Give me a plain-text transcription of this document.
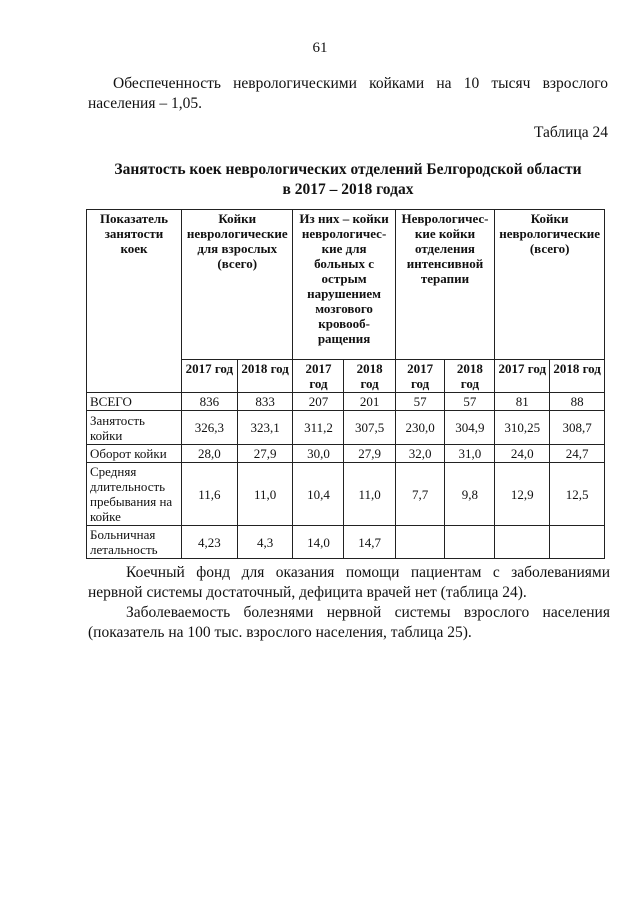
61
Обеспеченность неврологическими койками на 10 тысяч взрослого населения – 1,05.
Таблица 24
Занятость коек неврологических отделений Белгородской области
в 2017 – 2018 годах
Показатель занятости коек	Койки неврологические для взрослых (всего)		Из них – койки неврологичес-кие для больных с острым нарушением мозгового кровооб-ращения		Неврологичес-кие койки отделения интенсивной терапии		Койки неврологические (всего)	
	2017 год	2018 год	2017 год	2018 год	2017 год	2018 год	2017 год	2018 год
ВСЕГО	836	833	207	201	57	57	81	88
Занятость койки	326,3	323,1	311,2	307,5	230,0	304,9	310,25	308,7
Оборот койки	28,0	27,9	30,0	27,9	32,0	31,0	24,0	24,7
Средняя длительность пребывания на койке	11,6	11,0	10,4	11,0	7,7	9,8	12,9	12,5
Больничная летальность	4,23	4,3	14,0	14,7				
Коечный фонд для оказания помощи пациентам с заболеваниями нервной системы достаточный, дефицита врачей нет (таблица 24).
Заболеваемость болезнями нервной системы взрослого населения (показатель на 100 тыс. взрослого населения, таблица 25).
